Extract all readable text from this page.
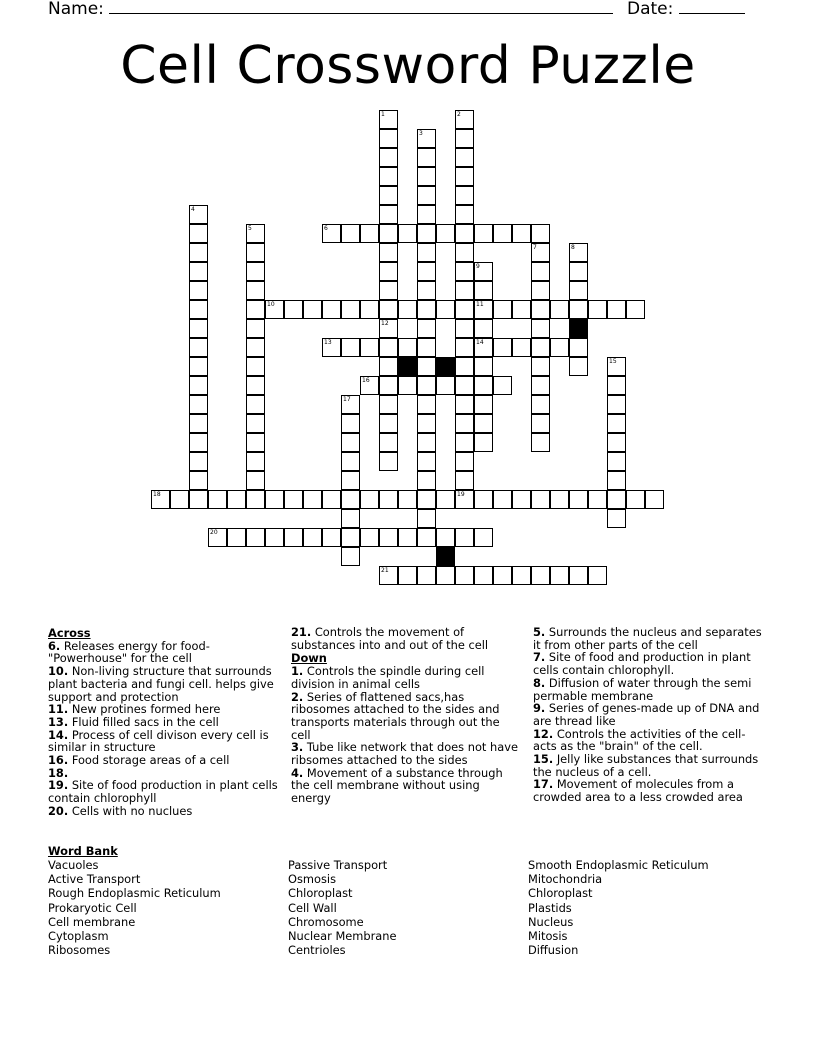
Name:	Date:
Cell Crossword Puzzle
1
12
2
19
3
4
5	6
7	8
9
11
14
10
13
15
16
17
18
20
21
Across
6. Releases energy for food-"Powerhouse" for the cell
10. Non-living structure that surrounds plant bacteria and fungi cell. helps give support and protection
11. New protines formed here
13. Fluid filled sacs in the cell
14. Process of cell divison every cell is similar in structure
16. Food storage areas of a cell
18.
19. Site of food production in plant cells contain chlorophyll
20. Cells with no nuclues
21. Controls the movement of substances into and out of the cell
Down
1. Controls the spindle during cell division in animal cells
2. Series of flattened sacs,has ribosomes attached to the sides and transports materials through out the cell
3. Tube like network that does not have ribsomes attached to the sides
4. Movement of a substance through the cell membrane without using energy
5. Surrounds the nucleus and separates it from other parts of the cell
7. Site of food and production in plant cells contain chlorophyll.
8. Diffusion of water through the semi permable membrane
9. Series of genes-made up of DNA and are thread like
12. Controls the activities of the cell-acts as the "brain" of the cell.
15. Jelly like substances that surrounds the nucleus of a cell.
17. Movement of molecules from a crowded area to a less crowded area
Word Bank
Vacuoles
Active Transport
Rough Endoplasmic Reticulum
Prokaryotic Cell
Cell membrane
Cytoplasm
Ribosomes
Passive Transport
Osmosis
Chloroplast
Cell Wall
Chromosome
Nuclear Membrane
Centrioles
Smooth Endoplasmic Reticulum
Mitochondria
Chloroplast
Plastids
Nucleus
Mitosis
Diffusion
